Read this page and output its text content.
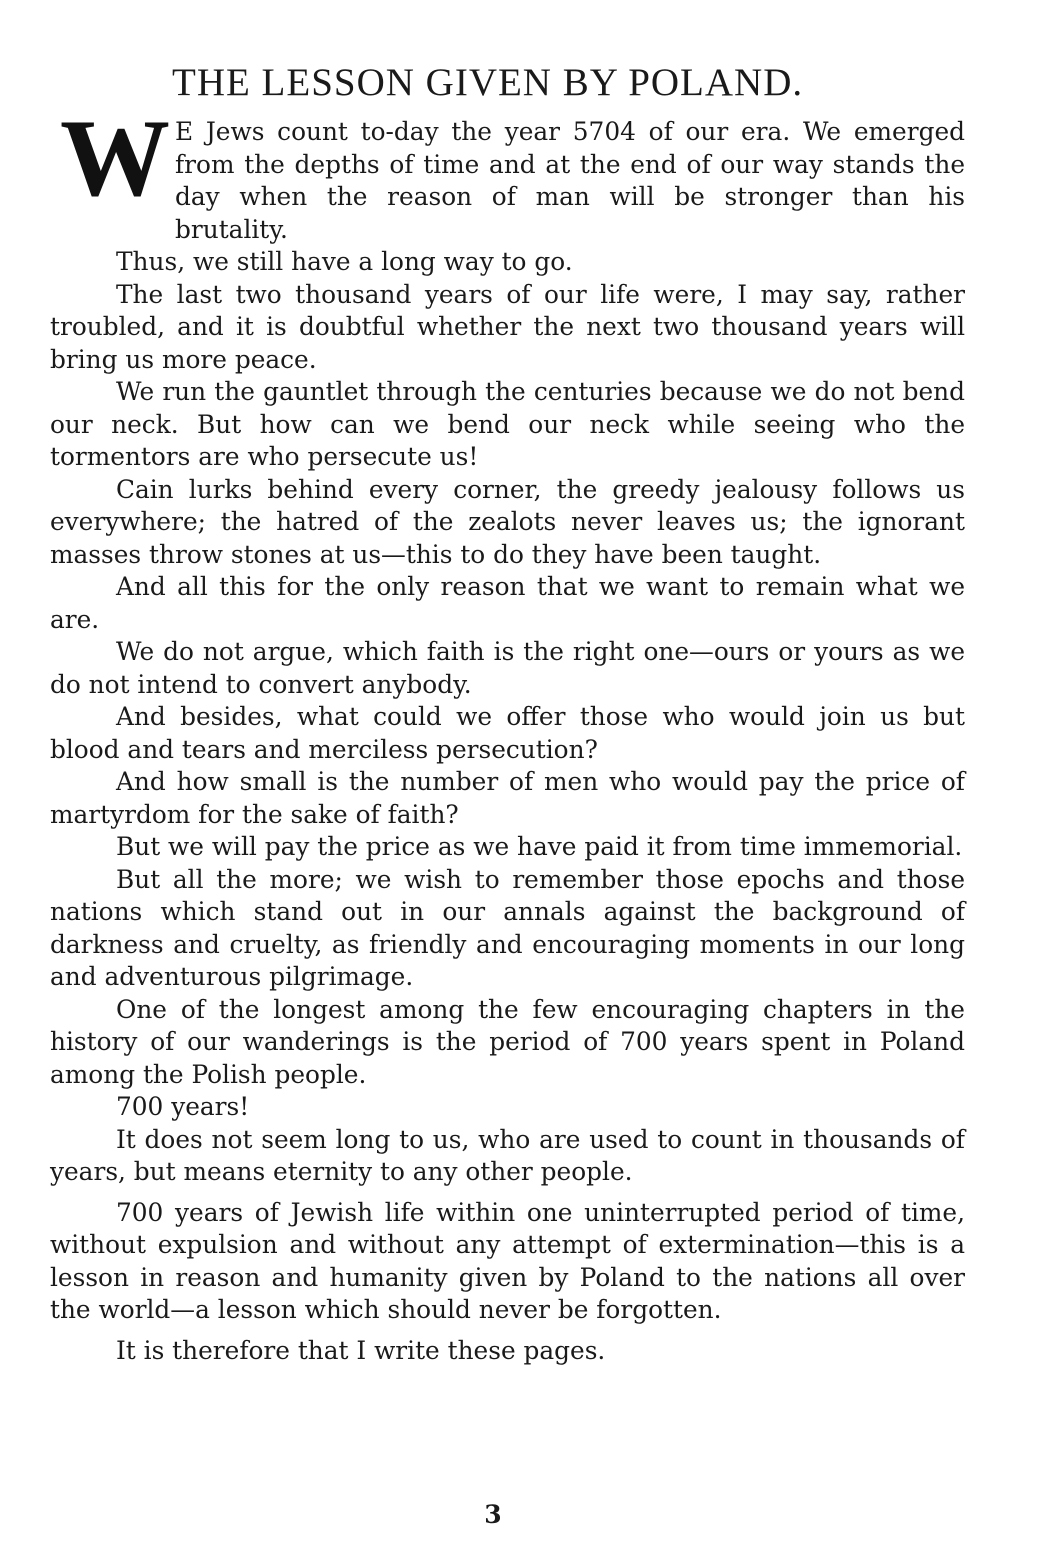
THE LESSON GIVEN BY POLAND.
W E Jews count to-day the year 5704 of our era. We emerged from the depths of time and at the end of our way stands the day when the reason of man will be stronger than his brutality.

Thus, we still have a long way to go.

The last two thousand years of our life were, I may say, rather troubled, and it is doubtful whether the next two thousand years will bring us more peace.

We run the gauntlet through the centuries because we do not bend our neck. But how can we bend our neck while seeing who the tormentors are who persecute us!

Cain lurks behind every corner, the greedy jealousy follows us everywhere; the hatred of the zealots never leaves us; the ignorant masses throw stones at us—this to do they have been taught.

And all this for the only reason that we want to remain what we are.

We do not argue, which faith is the right one—ours or yours as we do not intend to convert anybody.

And besides, what could we offer those who would join us but blood and tears and merciless persecution?

And how small is the number of men who would pay the price of martyrdom for the sake of faith?

But we will pay the price as we have paid it from time immemorial.

But all the more; we wish to remember those epochs and those nations which stand out in our annals against the background of darkness and cruelty, as friendly and encouraging moments in our long and adventurous pilgrimage.

One of the longest among the few encouraging chapters in the history of our wanderings is the period of 700 years spent in Poland among the Polish people.

700 years!

It does not seem long to us, who are used to count in thousands of years, but means eternity to any other people.

700 years of Jewish life within one uninterrupted period of time, without expulsion and without any attempt of extermination—this is a lesson in reason and humanity given by Poland to the nations all over the world—a lesson which should never be forgotten.

It is therefore that I write these pages.

3
